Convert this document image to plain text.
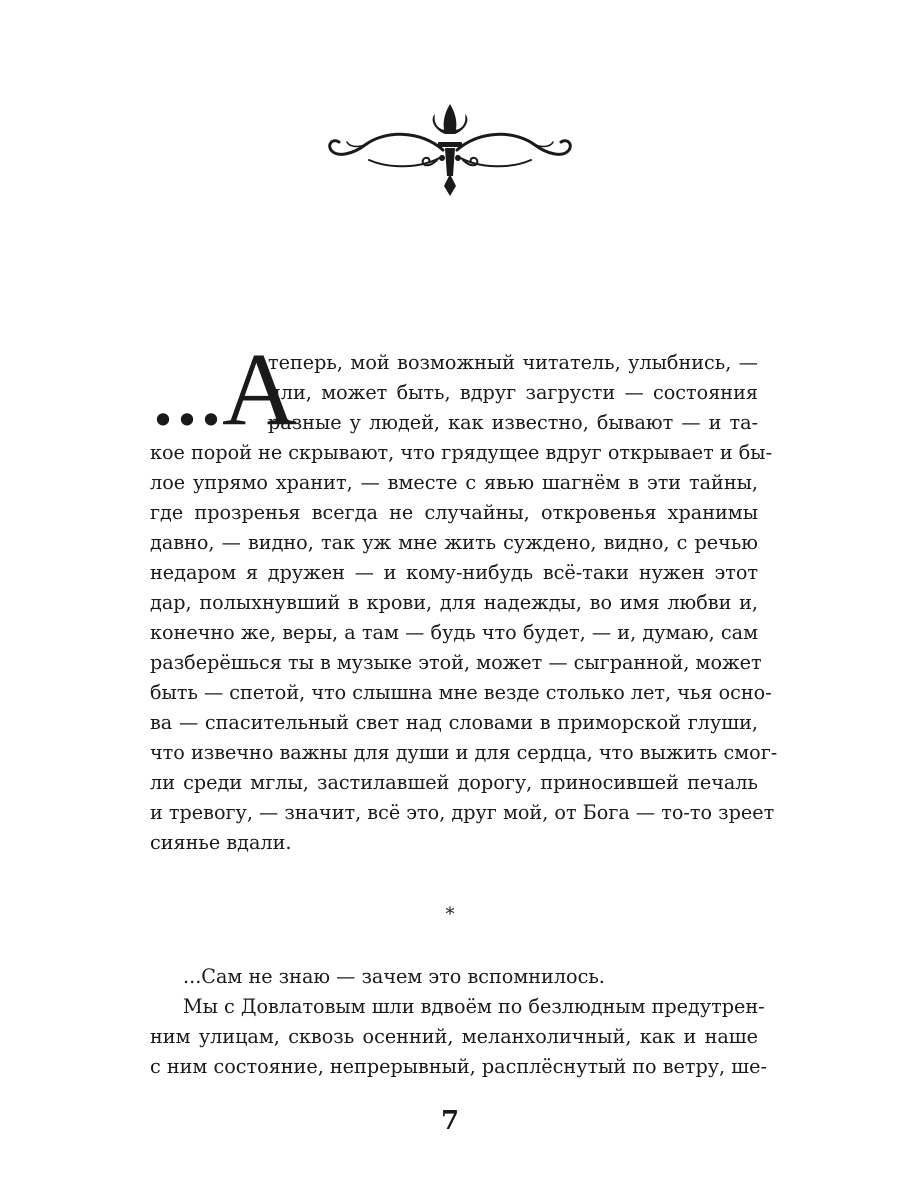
...А
теперь, мой возможный читатель, улыбнись, —
или, может быть, вдруг загрусти — состояния
разные у людей, как известно, бывают — и та-
кое порой не скрывают, что грядущее вдруг открывает и бы-
лое упрямо хранит, — вместе с явью шагнём в эти тайны,
где прозренья всегда не случайны, откровенья хранимы
давно, — видно, так уж мне жить суждено, видно, с речью
недаром я дружен — и кому-нибудь всё-таки нужен этот
дар, полыхнувший в крови, для надежды, во имя любви и,
конечно же, веры, а там — будь что будет, — и, думаю, сам
разберёшься ты в музыке этой, может — сыгранной, может
быть — спетой, что слышна мне везде столько лет, чья осно-
ва — спасительный свет над словами в приморской глуши,
что извечно важны для души и для сердца, что выжить смог-
ли среди мглы, застилавшей дорогу, приносившей печаль
и тревогу, — значит, всё это, друг мой, от Бога — то-то зреет
сиянье вдали.
*
...Сам не знаю — зачем это вспомнилось.
Мы с Довлатовым шли вдвоём по безлюдным предутрен-
ним улицам, сквозь осенний, меланхоличный, как и наше
с ним состояние, непрерывный, расплёснутый по ветру, ше-
7
